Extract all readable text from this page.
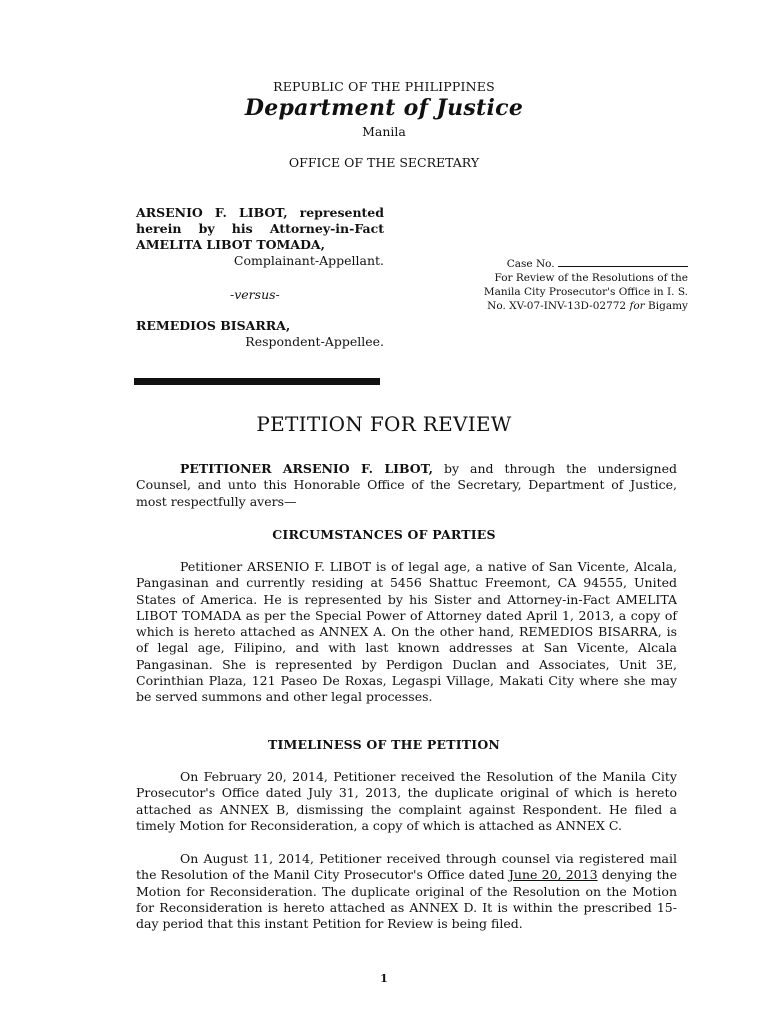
REPUBLIC OF THE PHILIPPINES
Department of Justice
Manila
OFFICE OF THE SECRETARY
ARSENIO F. LIBOT, represented
herein by his Attorney-in-Fact
AMELITA LIBOT TOMADA,
Complainant-Appellant.
-versus-
REMEDIOS BISARRA,
Respondent-Appellee.
Case No.
For Review of the Resolutions of the
Manila City Prosecutor's Office in I. S.
No. XV-07-INV-13D-02772 for Bigamy
PETITION FOR REVIEW

PETITIONER ARSENIO F. LIBOT, by and through the undersigned Counsel, and unto this Honorable Office of the Secretary, Department of Justice, most respectfully avers—

CIRCUMSTANCES OF PARTIES

Petitioner ARSENIO F. LIBOT is of legal age, a native of San Vicente, Alcala, Pangasinan and currently residing at 5456 Shattuc Freemont, CA 94555, United States of America. He is represented by his Sister and Attorney-in-Fact AMELITA LIBOT TOMADA as per the Special Power of Attorney dated April 1, 2013, a copy of which is hereto attached as ANNEX A. On the other hand, REMEDIOS BISARRA, is of legal age, Filipino, and with last known addresses at San Vicente, Alcala Pangasinan. She is represented by Perdigon Duclan and Associates, Unit 3E, Corinthian Plaza, 121 Paseo De Roxas, Legaspi Village, Makati City where she may be served summons and other legal processes.

TIMELINESS OF THE PETITION

On February 20, 2014, Petitioner received the Resolution of the Manila City Prosecutor's Office dated July 31, 2013, the duplicate original of which is hereto attached as ANNEX B, dismissing the complaint against Respondent. He filed a timely Motion for Reconsideration, a copy of which is attached as ANNEX C.

On August 11, 2014, Petitioner received through counsel via registered mail the Resolution of the Manil City Prosecutor's Office dated June 20, 2013 denying the Motion for Reconsideration. The duplicate original of the Resolution on the Motion for Reconsideration is hereto attached as ANNEX D. It is within the prescribed 15-day period that this instant Petition for Review is being filed.

1
